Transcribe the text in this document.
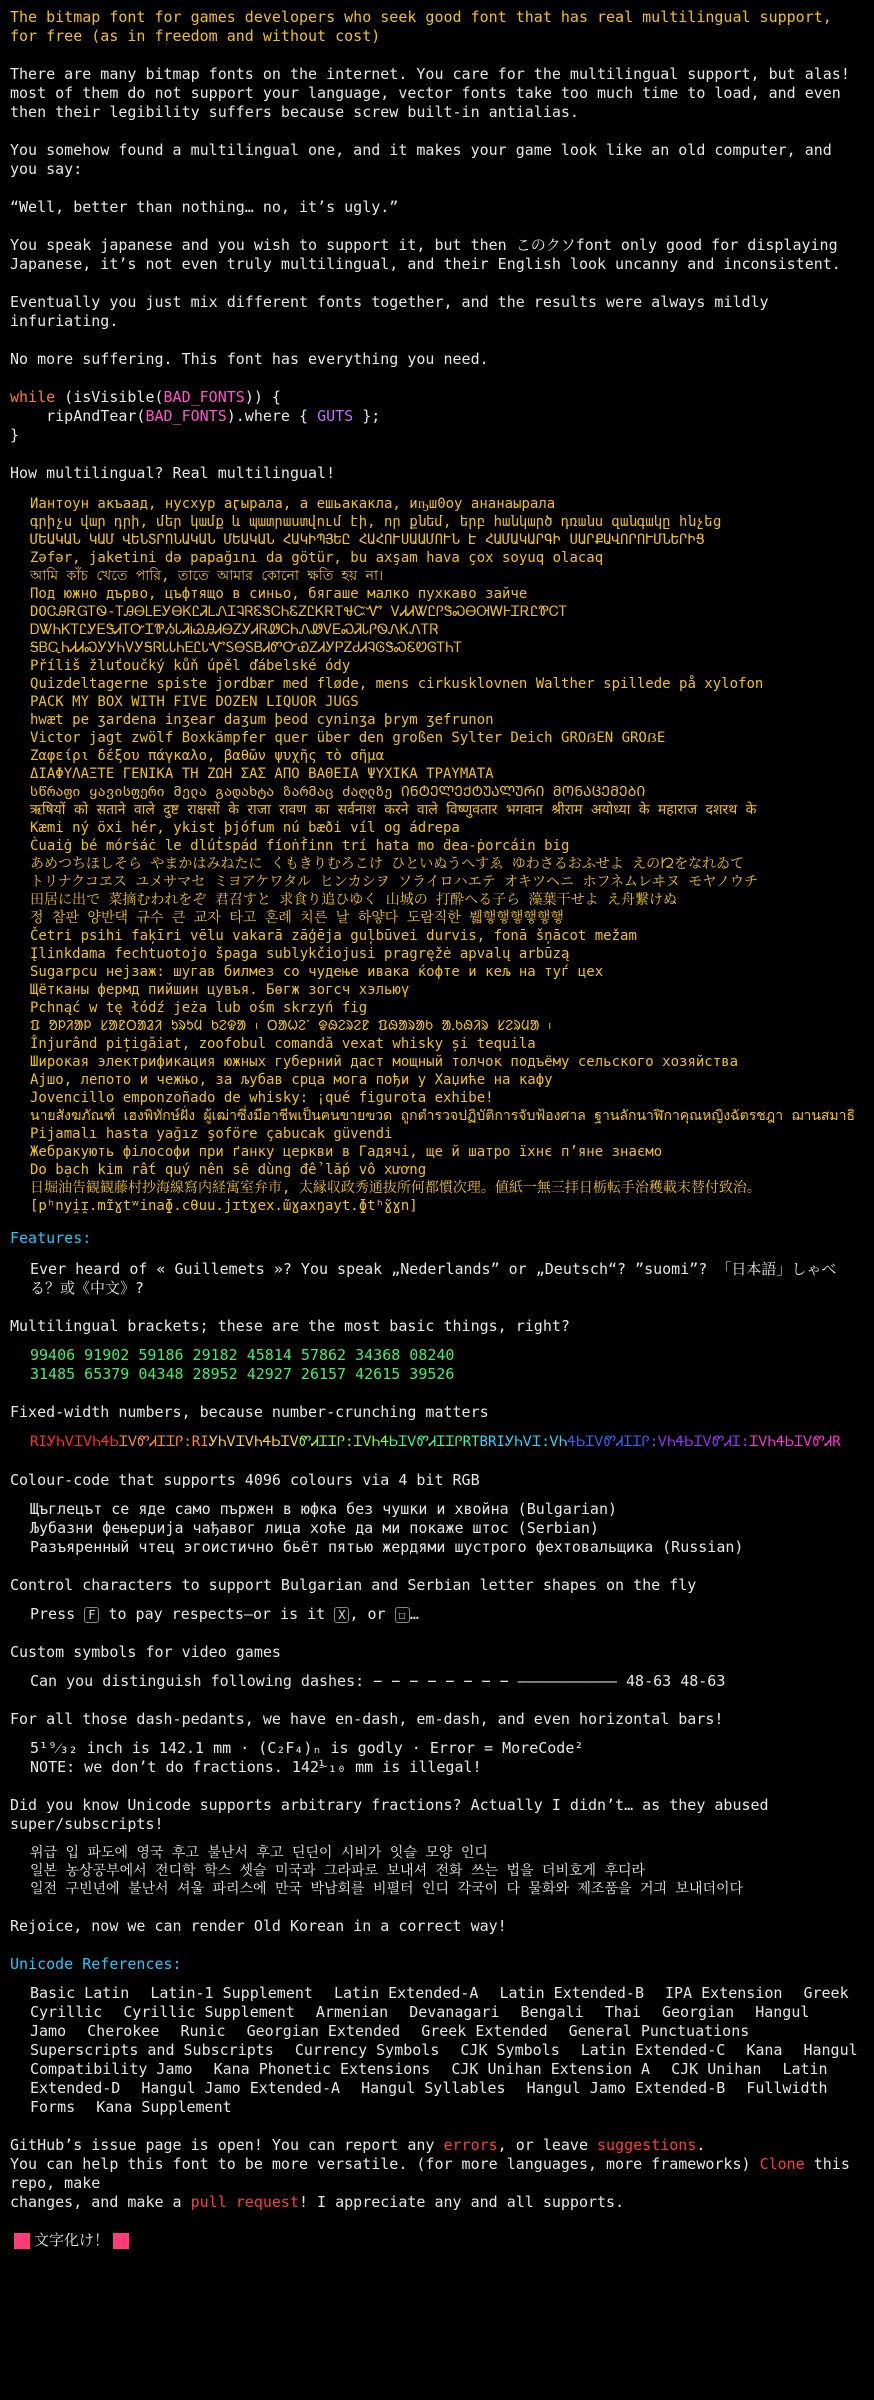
The bitmap font for games developers who seek good font that has real multilingual support,
for free (as in freedom and without cost)
There are many bitmap fonts on the internet. You care for the multilingual support, but alas!
most of them do not support your language, vector fonts take too much time to load, and even
then their legibility suffers because screw built-in antialias.
You somehow found a multilingual one, and it makes your game look like an old computer, and you say:
“Well, better than nothing… no, it’s ugly.”
You speak japanese and you wish to support it, but then このクソfont only good for displaying
Japanese, it’s not even truly multilingual, and their English look uncanny and inconsistent.
Eventually you just mix different fonts together, and the results were always mildly infuriating.
No more suffering. This font has everything you need.
while (isVisible(BAD_FONTS)) {
ripAndTear(BAD_FONTS).where { GUTS };
}
How multilingual? Real multilingual!
Иантоун акъаад, нусхур аӷырала, а ешьакакла, иҧш0оу ананаырала
գրիչս վար դրի, մեր կամք և պատրաստվում էի, որ քնեմ, երբ հանկարծ դռանս զանգակը հնչեց
ՄԵԱԿԱՆ ԿԱՄ ՎԵՆՏՐՈՆԱԿԱՆ ՄԵԱԿԱՆ ՀԱԿԻՊՅԵԸ ՀԱՀՈՒՍԱԱՄՈՒՆ Է ՀԱՄԱԿԱՐԳԻ ՍԱՐՔԱՎՈՐՈՒՄՆԵՐԻՑ
Zəfər, jaketini də papağını da götür, bu axşam hava çox soyuq olacaq
আমি কাঁচ খেতে পারি, তাতে আমার কোনো ক্ষতি হয় না।
Под южно дърво, цъфтящо в синьо, бягаше малко пухкаво зайче
DOᏣᎯᎡᏀᎢᏫ-ᎢᎯᎾᏞᎬᎩᎾᏦᏝᏘᏞᏁᏆᎸᏒᏋᏕᏟᏂᏋᏃᏝᏦᎡᎢᏠᏨᏉ ᏙᏗᏗᏔᏝᎵᏕᏍᎾᎺᎳᎰᏆᎡᏝᏈᏟᎢ
ᎠᏔᏂᏦᎢᏝᎩᎬᏕᏗᎢᏅᏆᏈᏱᏓᏘᎥᏊᎯᏗᎾᏃᎩᏗᏒᏪᏟᏂᏁᏪᏙᎬᏍᏘᏓᎵᏫᏁᏦᏁᎢᏒ
ᎦᏴᏩᏂᏗᏗᏍᎩᎩᏂᏙᎩᎦᏒᏓᏓᏂᎬᏝᏓᏉᏚᎾᏚᏴᏗᏛᏅᏯᏃᏗᎩᏢᏃᏧᏗᎸᎶᏕᏍᏋᏬᎶᎢᏂᎢ
Příliš žluťoučký kůň úpěl ďábelské ódy
Quizdeltagerne spiste jordbær med fløde, mens cirkusklovnen Walther spillede på xylofon
PACK MY BOX WITH FIVE DOZEN LIQUOR JUGS
hwæt pe ʒardena inʒear daʒum þeod cyninʒa þrym ʒefrunon
Victor jagt zwölf Boxkämpfer quer über den großen Sylter Deich GROẞEN GROẞE
Ζαφείρι δέξου πάγκαλο, βαθῶν ψυχῆς τὸ σῆμα
ΔΙΑΦΥΛΑΞΤΕ ΓΕΝΙΚΑ ΤΗ ΖΩΗ ΣΑΣ ΑΠΟ ΒΑΘΕΙΑ ΨΥΧΙΚΑ ΤΡΑΥΜΑΤΑ
სწრაფი ყავისფერი მელა გადახტა ზარმაც ძაღლზე ᲘᲜᲢᲔᲚᲔᲥᲢᲣᲐᲚᲣᲠᲘ ᲛᲝᲜᲐᲪᲔᲛᲔᲑᲘ
ऋषियों को सताने वाले दुष्ट राक्षसों के राजा रावण का सर्वनाश करने वाले विष्णुवतार भगवान श्रीराम अयोध्या के महाराज दशरथ के
Kæmi ný öxi hér, ykist þjófum nú bæði víl og ádrepa
Ċuaiġ bé mórṡáċ le dlúṫspád fíoṅḟinn trí hata mo ḋea-ṗorcáin big
あめつちほしそら やまかはみねたに くもきりむろこけ ひといぬうへすゑ ゆわさるおふせよ えの𛀁をなれゐて
トリナクコヱス ユメサマセ ミヨアケワタル ヒンカシヲ ソライロハエテ オキツヘニ ホフネムレヰヌ モヤノウチ
田居に出で 菜摘むわれをぞ 君召すと 求食り追ひゆく 山城の 打酔へる子ら 藻葉干せよ え舟繋けぬ
정 참판 양반댁 규수 큰 교자 타고 혼례 치른 날 하얗다 도람직한 뷃햏햏햏햏햏햏
Četri psihi faķīri vēlu vakarā zāģēja guļbūvei durvis, fonā šņācot mežam
Įlinkdama fechtuotojo špaga sublykčiojusi pragręžė apvalų arbūzą
Sugarpcu нејзаж: шугав билмез со чудење ивака ќофте и кељ на туѓ цех
Щётканы фермд пийшин цувъя. Бөгж зогсч хэльюү
Pchnąć w tę łódź jeża lub ośm skrzyń fig
ᱯ ᱚᱞᱤᱟᱞ ᱥᱟᱱᱛᱟᱲᱤ ᱩᱨᱩᱢ ᱠᱮᱫᱟ ᱾ ᱛᱟᱦᱮᱸ ᱫᱷᱮᱨᱮᱱ ᱯᱷᱟᱨᱟᱠ ᱟᱹᱠᱷᱤᱨ ᱥᱮᱨᱢᱟ ᱾
Înjurând pițigăiat, zoofobul comandă vexat whisky și tequila
Широкая электрификация южных губерний даст мощный толчок подъёму сельского хозяйства
Ајшо, лепото и чежњо, за љубав срца мога пођи у Хаџиће на кафу
Jovencillo emponzoñado de whisky: ¡qué figurota exhibe!
นายสังฆภัณฑ์ เฮงพิทักษ์ฝั่ง ผู้เฒ่าซึ่งมีอาชีพเป็นฅนขายฃวด ถูกตำรวจปฏิบัติการจับฟ้องศาล ฐานลักนาฬิกาคุณหญิงฉัตรชฎา ฌานสมาธิ
Pijamalı hasta yağız şoföre çabucak güvendi
Жебракують філософи при ґанку церкви в Гадячі, ще й шатро їхнє п’яне знаємо
Do bạch kim rất quý nên sẽ dùng để lắp vô xương
日堀油告観観藤村抄海線寫内経寓室弁市, 太縁収政秀通抜所何都慣次理。値紙一無三拝日栃転手治穫載末替付致治。
[pʰnyi̯ɪ̯.mɪ̃ɣtʷinaɸ.cθuu.jɪtɣex.ɯ̃ɣaxŋayt.ɸtʰɣ̃ɣn]
Features:
Ever heard of « Guillemets »? You speak „Nederlands” or „Deutsch“? ”suomi”? 「日本語」しゃべる？或《中文》?
Multilingual brackets; these are the most basic things, right?
99406 91902 59186 29182 45814 57862 34368 08240
31485 65379 04348 28952 42927 26157 42615 39526
Fixed-width numbers, because number-crunching matters
RIᎩᏂᏙᏆᏙᏂᏎᏏᏆᏙᏛᏗᏆᏆᎵ:RIᎩᏂᏙᏆᏙᏂᏎᏏᏆᏙᏛᏗᏆᏆᎵ:ᏆᏙᏂᏎᏏᏆᏙᏛᏗᏆᏆᎵRTBRIᎩᏂᏙᏆ:ᏙᏂᏎᏏᏆᏙᏛᏗᏆᏆᎵ:ᏙᏂᏎᏏᏆᏙᏛᏗᏆ:ᏆᏙᏂᏎᏏᏆᏙᏛᏗR
Colour-code that supports 4096 colours via 4 bit RGB
Щъглецът се яде само пържен в юфка без чушки и хвойна (Bulgarian)
Љубазни фењерџија чађавог лица хоће да ми покаже штос (Serbian)
Разъяренный чтец эгоистично бьёт пятью жердями шустрого фехтовальщика (Russian)
Control characters to support Bulgarian and Serbian letter shapes on the fly
Press F to pay respects—or is it X , or ☐ …
Custom symbols for video games
Can you distinguish following dashes: − − − − − − − − ——————————— 48-63 48-63
For all those dash-pedants, we have en-dash, em-dash, and even horizontal bars!
5¹⁹⁄₃₂ inch is 142.1 mm · (C₂F₄)ₙ is godly · Error = MoreCode²
NOTE: we don’t do fractions. 142⅟₁₀ mm is illegal!
Did you know Unicode supports arbitrary fractions? Actually I didn’t… as they abused super/subscripts!
위급 입 파도에 영국 후고 불난서 후고 딘딘이 시비가 잇슬 모양 인디
일본 농상공부에서 전디학 학스 셋슬 미국과 그라파로 보내셔 전화 쓰는 법을 더비호게 후디라
일전 구빈년에 불난서 셔울 파리스에 만국 박남회를 비펼터 인디 각국이 다 물화와 제조품을 거긔 보내더이다
Rejoice, now we can render Old Korean in a correct way!
Unicode References:
Basic Latin Latin-1 Supplement Latin Extended-A Latin Extended-B IPA Extension Greek Cyrillic Cyrillic Supplement Armenian Devanagari Bengali Thai Georgian Hangul Jamo Cherokee Runic Georgian Extended Greek Extended General Punctuations Superscripts and Subscripts Currency Symbols CJK Symbols Latin Extended-C Kana Hangul Compatibility Jamo Kana Phonetic Extensions CJK Unihan Extension A CJK Unihan Latin Extended-D Hangul Jamo Extended-A Hangul Syllables Hangul Jamo Extended-B Fullwidth Forms Kana Supplement
GitHub’s issue page is open! You can report any errors, or leave suggestions.
You can help this font to be more versatile. (for more languages, more frameworks) Clone this repo, make
changes, and make a pull request! I appreciate any and all supports.
文字化け！
